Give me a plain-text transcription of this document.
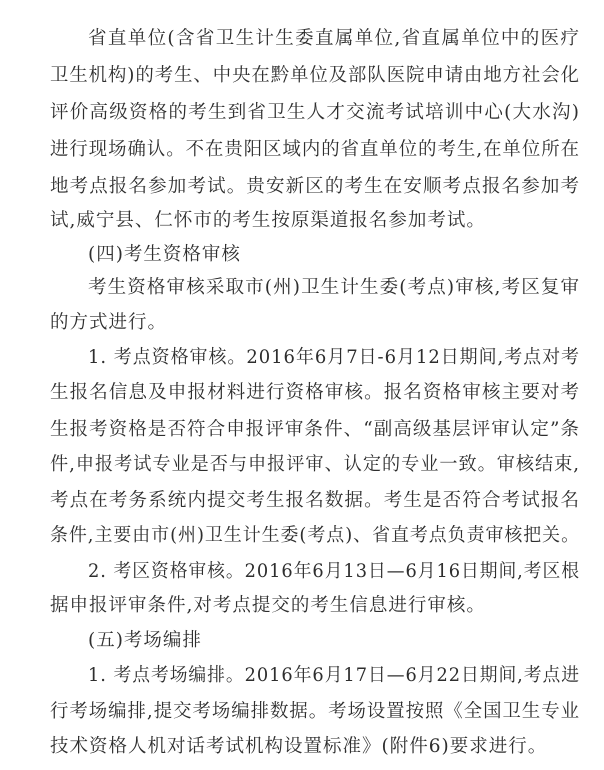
省直单位(含省卫生计生委直属单位,省直属单位中的医疗
卫生机构)的考生、中央在黔单位及部队医院申请由地方社会化
评价高级资格的考生到省卫生人才交流考试培训中心(大水沟)
进行现场确认。不在贵阳区域内的省直单位的考生,在单位所在
地考点报名参加考试。贵安新区的考生在安顺考点报名参加考
试,威宁县、仁怀市的考生按原渠道报名参加考试。
(四)考生资格审核
考生资格审核采取市(州)卫生计生委(考点)审核,考区复审
的方式进行。
1. 考点资格审核。2016年6月7日-6月12日期间,考点对考
生报名信息及申报材料进行资格审核。报名资格审核主要对考
生报考资格是否符合申报评审条件、“副高级基层评审认定”条
件,申报考试专业是否与申报评审、认定的专业一致。审核结束,
考点在考务系统内提交考生报名数据。考生是否符合考试报名
条件,主要由市(州)卫生计生委(考点)、省直考点负责审核把关。
2. 考区资格审核。2016年6月13日—6月16日期间,考区根
据申报评审条件,对考点提交的考生信息进行审核。
(五)考场编排
1. 考点考场编排。2016年6月17日—6月22日期间,考点进
行考场编排,提交考场编排数据。考场设置按照《全国卫生专业
技术资格人机对话考试机构设置标准》(附件6)要求进行。
